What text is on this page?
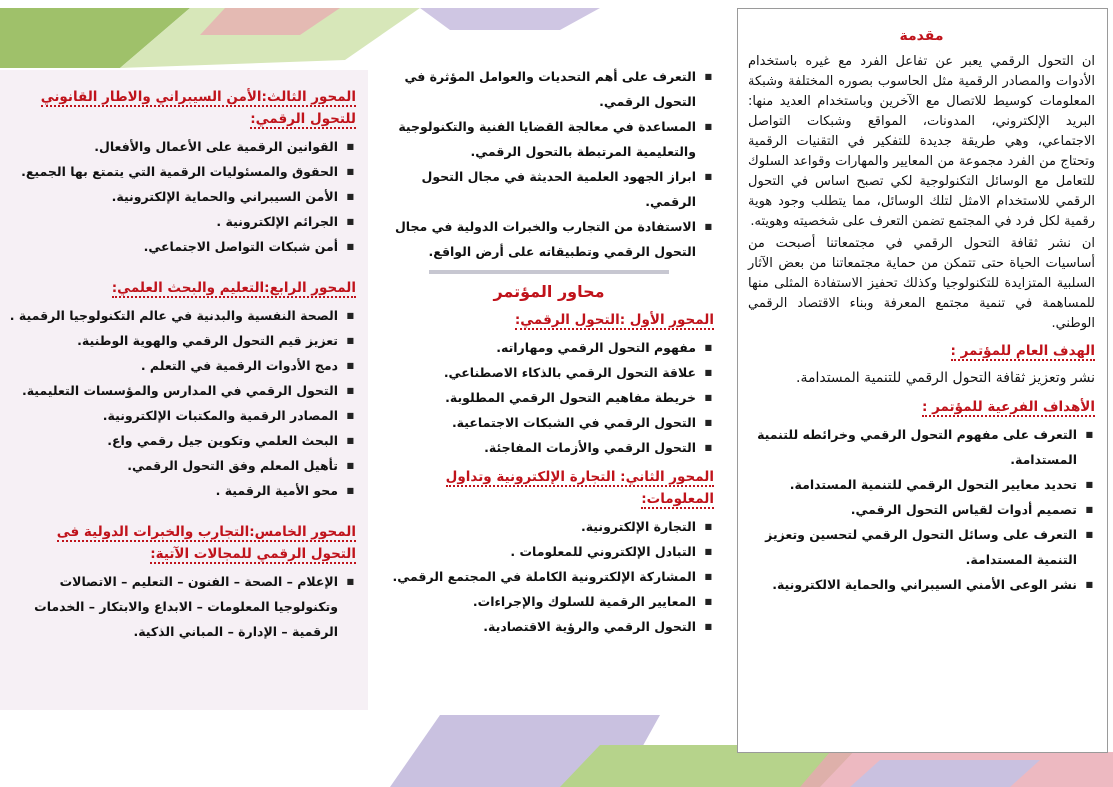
مقدمة

ان التحول الرقمي يعبر عن تفاعل الفرد مع غيره باستخدام الأدوات والمصادر الرقمية مثل الحاسوب بصوره المختلفة وشبكة المعلومات كوسيط للاتصال مع الآخرين وباستخدام العديد منها: البريد الإلكتروني، المدونات، المواقع وشبكات التواصل الاجتماعي، وهي طريقة جديدة للتفكير في التقنيات الرقمية وتحتاج من الفرد مجموعة من المعايير والمهارات وقواعد السلوك للتعامل مع الوسائل التكنولوجية لكي تصبح اساس في التحول الرقمي للاستخدام الامثل لتلك الوسائل، مما يتطلب وجود هوية رقمية لكل فرد في المجتمع تضمن التعرف على شخصيته وهويته.

ان نشر ثقافة التحول الرقمي في مجتمعاتنا أصبحت من أساسيات الحياة حتى تتمكن من حماية مجتمعاتنا من بعض الآثار السلبية المتزايدة للتكنولوجيا وكذلك تحفيز الاستفادة المثلى منها للمساهمة في تنمية مجتمع المعرفة وبناء الاقتصاد الرقمي الوطني.

الهدف العام للمؤتمر :

نشر وتعزيز ثقافة التحول الرقمي للتنمية المستدامة.

الأهداف الفرعية للمؤتمر :
■ التعرف على مفهوم التحول الرقمي وخرائطه للتنمية المستدامة.
■ تحديد معايير التحول الرقمي للتنمية المستدامة.
■ تصميم أدوات لقياس التحول الرقمي.
■ التعرف على وسائل التحول الرقمي لتحسين وتعزيز التنمية المستدامة.
■ نشر الوعى الأمني السيبراني والحماية الالكترونية.
■ التعرف على أهم التحديات والعوامل المؤثرة في التحول الرقمي.
■ المساعدة في معالجة القضايا الفنية والتكنولوجية والتعليمية المرتبطة بالتحول الرقمي.
■ ابراز الجهود العلمية الحديثة في مجال التحول الرقمي.
■ الاستفادة من التجارب والخبرات الدولية في مجال التحول الرقمي وتطبيقاته على أرض الواقع.
محاور المؤتمر
المحور الأول :التحول الرقمي:
■ مفهوم التحول الرقمي ومهاراته.
■ علاقة التحول الرقمي بالذكاء الاصطناعي.
■ خريطة مفاهيم التحول الرقمي المطلوبة.
■ التحول الرقمي في الشبكات الاجتماعية.
■ التحول الرقمي والأزمات المفاجئة.
المحور الثاني: التجارة الإلكترونية وتداول المعلومات:
■ التجارة الإلكترونية.
■ التبادل الإلكتروني للمعلومات .
■ المشاركة الإلكترونية الكاملة في المجتمع الرقمي.
■ المعايير الرقمية للسلوك والإجراءات.
■ التحول الرقمي والرؤية الاقتصادية.
المحور الثالث:الأمن السيبراني والاطار القانوني للتحول الرقمي:
■ القوانين الرقمية على الأعمال والأفعال.
■ الحقوق والمسئوليات الرقمية التي يتمتع بها الجميع.
■ الأمن السيبراني والحماية الإلكترونية.
■ الجرائم الإلكترونية .
■ أمن شبكات التواصل الاجتماعي.
المحور الرابع:التعليم والبحث العلمي:
■ الصحة النفسية والبدنية في عالم التكنولوجيا الرقمية .
■ تعزيز قيم التحول الرقمي والهوية الوطنية.
■ دمج الأدوات الرقمية في التعلم .
■ التحول الرقمي في المدارس والمؤسسات التعليمية.
■ المصادر الرقمية والمكتبات الإلكترونية.
■ البحث العلمي وتكوين جيل رقمي واع.
■ تأهيل المعلم وفق التحول الرقمي.
■ محو الأمية الرقمية .
المحور الخامس:التجارب والخبرات الدولية فى التحول الرقمي للمجالات الآتية:
■ الإعلام – الصحة – الفنون – التعليم – الاتصالات وتكنولوجيا المعلومات – الابداع والابتكار – الخدمات الرقمية – الإدارة – المباني الذكية.
